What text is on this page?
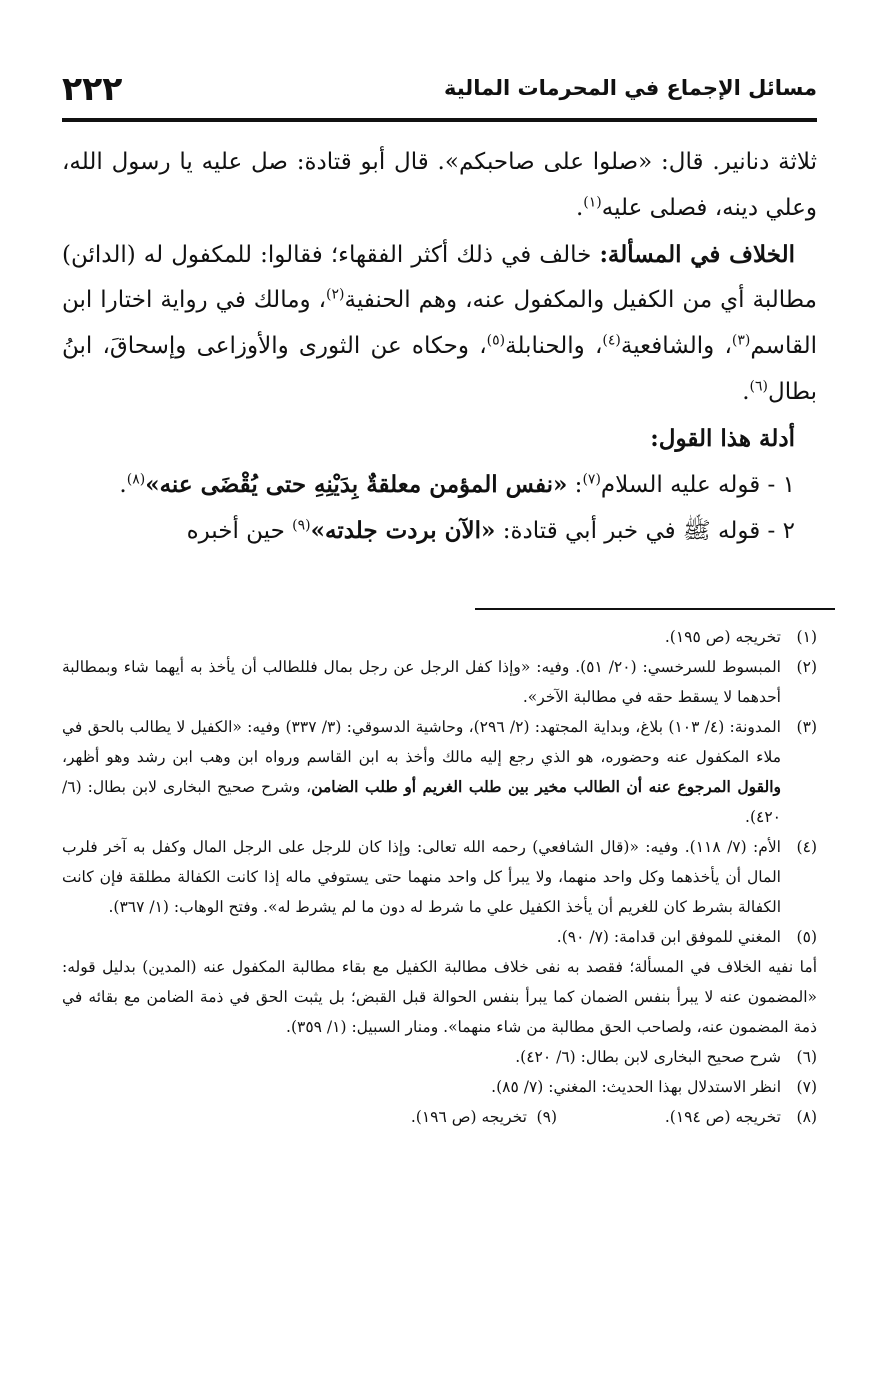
مسائل الإجماع في المحرمات المالية
٢٢٢

ثلاثة دنانير. قال: «صلوا على صاحبكم». قال أبو قتادة: صل عليه يا رسول الله، وعلي دينه، فصلى عليه$^{(١)}$.

الخلاف في المسألة: خالف في ذلك أكثر الفقهاء؛ فقالوا: للمكفول له (الدائن) مطالبة أي من الكفيل والمكفول عنه، وهم الحنفية$^{(٢)}$، ومالك في رواية اختارا ابن القاسم$^{(٣)}$، والشافعية$^{(٤)}$، والحنابلة$^{(٥)}$، وحكاه عن الثورى والأوزاعى وإسحاقَ، ابنُ بطال$^{(٦)}$.

أدلة هذا القول:

١ - قوله عليه السلام$^{(٧)}$: «نفس المؤمن معلقةٌ بِدَيْنِهِ حتى يُقْضَى عنه»$^{(٨)}$.

٢ - قوله ﷺ في خبر أبي قتادة: «الآن بردت جلدته»$^{(٩)}$ حين أخبره

(١)
تخريجه (ص ١٩٥).
(٢)
المبسوط للسرخسي: (٢٠/ ٥١). وفيه: «وإذا كفل الرجل عن رجل بمال فللطالب أن يأخذ به أيهما شاء وبمطالبة أحدهما لا يسقط حقه في مطالبة الآخر».
(٣)
المدونة: (٤/ ١٠٣) بلاغ، وبداية المجتهد: (٢/ ٢٩٦)، وحاشية الدسوقي: (٣/ ٣٣٧) وفيه: «الكفيل لا يطالب بالحق في ملاء المكفول عنه وحضوره، هو الذي رجع إليه مالك وأخذ به ابن القاسم ورواه ابن وهب ابن رشد وهو أظهر، والقول المرجوع عنه أن الطالب مخير بين طلب الغريم أو طلب الضامن، وشرح صحيح البخارى لابن بطال: (٦/ ٤٢٠).
(٤)
الأم: (٧/ ١١٨). وفيه: «(قال الشافعي) رحمه الله تعالى: وإذا كان للرجل على الرجل المال وكفل به آخر فلرب المال أن يأخذهما وكل واحد منهما، ولا يبرأ كل واحد منهما حتى يستوفي ماله إذا كانت الكفالة مطلقة فإن كانت الكفالة بشرط كان للغريم أن يأخذ الكفيل علي ما شرط له دون ما لم يشرط له». وفتح الوهاب: (١/ ٣٦٧).
(٥)
المغني للموفق ابن قدامة: (٧/ ٩٠).
أما نفيه الخلاف في المسألة؛ فقصد به نفى خلاف مطالبة الكفيل مع بقاء مطالبة المكفول عنه (المدين) بدليل قوله: «المضمون عنه لا يبرأ بنفس الضمان كما يبرأ بنفس الحوالة قبل القبض؛ بل يثبت الحق في ذمة الضامن مع بقائه في ذمة المضمون عنه، ولصاحب الحق مطالبة من شاء منهما». ومنار السبيل: (١/ ٣٥٩).
(٦)
شرح صحيح البخارى لابن بطال: (٦/ ٤٢٠).
(٧)
انظر الاستدلال بهذا الحديث: المغني: (٧/ ٨٥).
(٨)
تخريجه (ص ١٩٤).
(٩)
تخريجه (ص ١٩٦).
